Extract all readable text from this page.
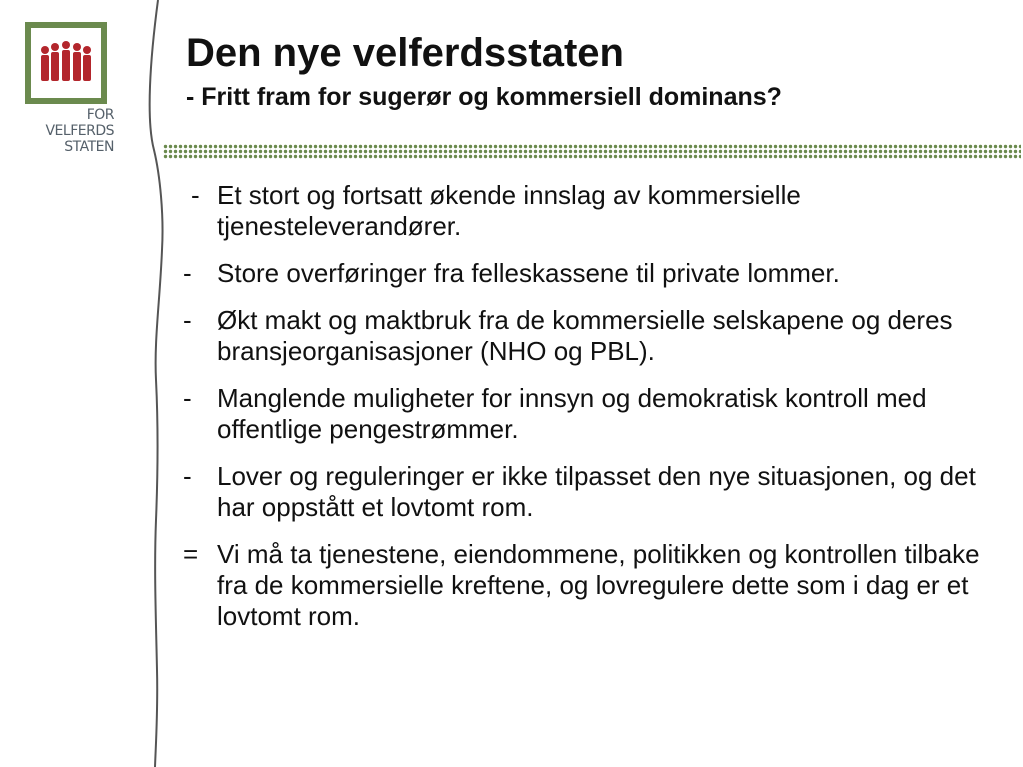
FOR
VELFERDS
STATEN
Den nye velferdsstaten
- Fritt fram for sugerør og kommersiell dominans?
- Et stort og fortsatt økende innslag av kommersielle tjenesteleverandører.
- Store overføringer fra felleskassene til private lommer.
- Økt makt og maktbruk fra de kommersielle selskapene og deres bransjeorganisasjoner (NHO og PBL).
- Manglende muligheter for innsyn og demokratisk kontroll med offentlige pengestrømmer.
- Lover og reguleringer er ikke tilpasset den nye situasjonen, og det har oppstått et lovtomt rom.
= Vi må ta tjenestene, eiendommene, politikken og kontrollen tilbake fra de kommersielle kreftene, og lovregulere dette som i dag er et lovtomt rom.
